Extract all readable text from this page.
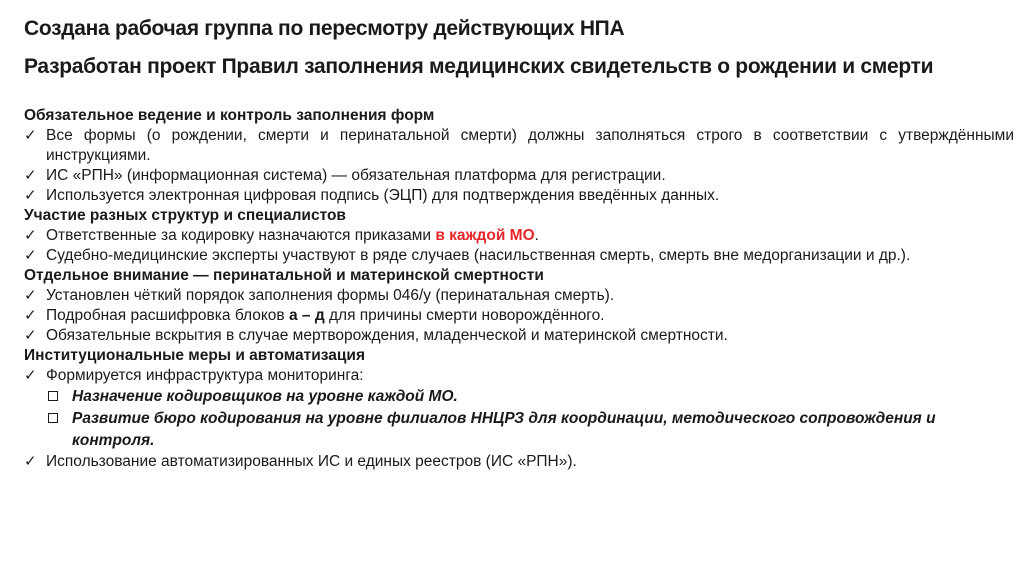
Создана рабочая группа по пересмотру действующих НПА
Разработан проект Правил заполнения медицинских свидетельств о рождении и смерти

Обязательное ведение и контроль заполнения форм

✓ Все формы (о рождении, смерти и перинатальной смерти) должны заполняться строго в соответствии с утверждёнными инструкциями.

✓ ИС «РПН» (информационная система) — обязательная платформа для регистрации.

✓ Используется электронная цифровая подпись (ЭЦП) для подтверждения введённых данных.

Участие разных структур и специалистов

✓ Ответственные за кодировку назначаются приказами в каждой МО.

✓ Судебно-медицинские эксперты участвуют в ряде случаев (насильственная смерть, смерть вне медорганизации и др.).

Отдельное внимание — перинатальной и материнской смертности

✓ Установлен чёткий порядок заполнения формы 046/у (перинатальная смерть).

✓ Подробная расшифровка блоков а – д для причины смерти новорождённого.

✓ Обязательные вскрытия в случае мертворождения, младенческой и материнской смертности.

Институциональные меры и автоматизация

✓ Формируется инфраструктура мониторинга:

Назначение кодировщиков на уровне каждой МО.

Развитие бюро кодирования на уровне филиалов ННЦРЗ для координации, методического сопровождения и контроля.

✓ Использование автоматизированных ИС и единых реестров (ИС «РПН»).
